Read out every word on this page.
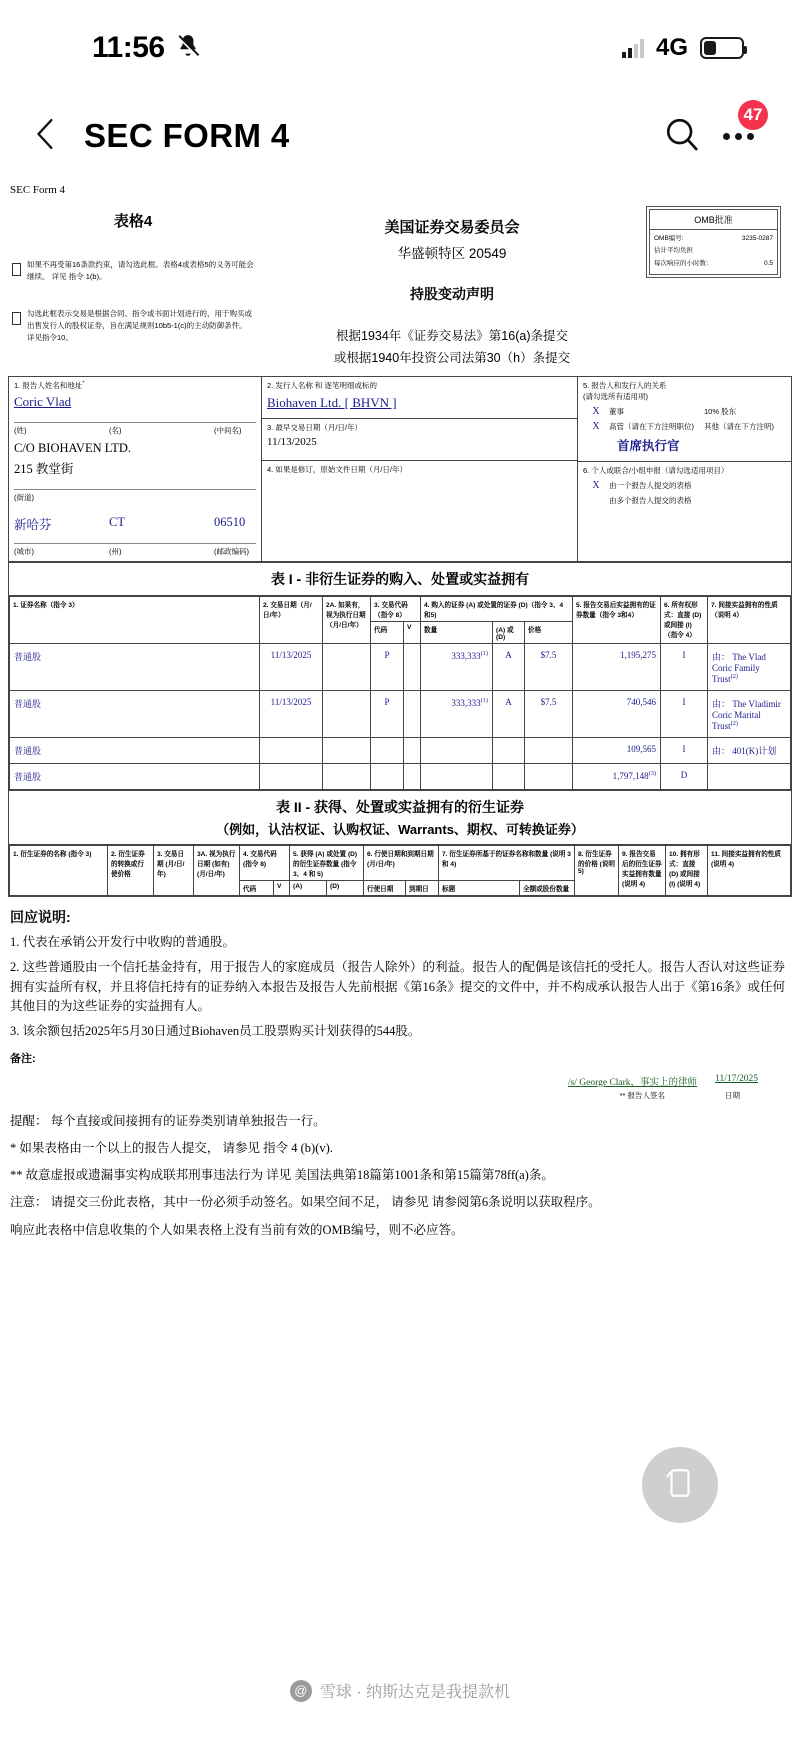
11:56	4G
SEC FORM 4
47
SEC Form 4
表格4
如果不再受第16条款约束，请勾选此框。表格4或表格5的义务可能会继续。 详见 指令 1(b)。
勾选此框表示交易是根据合同、指令或书面计划进行的，用于购买或出售发行人的股权证券，旨在满足规则10b5-1(c)的主动防御条件。详见指令10。
美国证券交易委员会
华盛顿特区 20549
持股变动声明
根据1934年《证券交易法》第16(a)条提交
或根据1940年投资公司法第30（h）条提交
OMB批准
OMB编号:	3235-0287
估计平均负担
每次响应的小时数：	0.5
1. 报告人姓名和地址*
Coric Vlad
(姓)	(名)	(中间名)
C/O BIOHAVEN LTD.
215 教堂街
(街道)
新哈芬	CT	06510
(城市)	(州)	(邮政编码)
2. 发行人名称 和 逐笔明细或标的
Biohaven Ltd. [ BHVN ]
3. 最早交易日期（月/日/年）
11/13/2025
4. 如果是修订，原始文件日期（月/日/年）
5. 报告人和发行人的关系
(请勾选所有适用项)
X	董事	10% 股东
X	高管（请在下方注明职位)	其他（请在下方注明)
首席执行官
6. 个人或联合/小组申报（请勾选适用项目）
X	由一个报告人提交的表格
由多个报告人提交的表格
表 I - 非衍生证券的购入、处置或实益拥有
1. 证券名称（指令 3）	2. 交易日期（月/日/年）	2A. 如果有，视为执行日期（月/日/年）	3. 交易代码（指令 8）		4. 购入的证券 (A) 或处置的证券 (D)（指令 3、4和5)			5. 报告交易后实益拥有的证券数量（指令 3和4）	6. 所有权形式：直接 (D) 或间接 (I)（指令 4）	7. 间接实益拥有的性质（说明 4）
			代码	V	数量	(A) 或 (D)	价格			
普通股	11/13/2025		P		333,333$^{(1)}$	A	$7.5	1,195,275	I	由： The Vlad Coric Family Trust$^{(2)}$
普通股	11/13/2025		P		333,333$^{(1)}$	A	$7.5	740,546	I	由： The Vladimir Coric Marital Trust$^{(2)}$
普通股								109,565	I	由： 401(K)计划
普通股								1,797,148$^{(3)}$	D	
表 II - 获得、处置或实益拥有的衍生证券
（例如，认沽权证、认购权证、Warrants、期权、可转换证券）
1. 衍生证券的名称 (指令 3)	2. 衍生证券的转换或行使价格	3. 交易日期 (月/日/年)	3A. 视为执行日期 (如有) (月/日/年)	4. 交易代码 (指令 8)		5. 获得 (A) 或处置 (D) 的衍生证券数量 (指令 3、4 和 5)		6. 行使日期和到期日期 (月/日/年)		7. 衍生证券所基于的证券名称和数量 (说明 3 和 4)		8. 衍生证券的价格 (说明 5)	9. 报告交易后的衍生证券实益拥有数量 (说明 4)	10. 拥有形式：直接 (D) 或间接 (I) (说明 4)	11. 间接实益拥有的性质 (说明 4)
				代码	V	(A)	(D)	行使日期	到期日	标题	全额或股份数量				
回应说明:
1. 代表在承销公开发行中收购的普通股。
2. 这些普通股由一个信托基金持有，用于报告人的家庭成员（报告人除外）的利益。报告人的配偶是该信托的受托人。报告人否认对这些证券拥有实益所有权，并且将信托持有的证券纳入本报告及报告人先前根据《第16条》提交的文件中，并不构成承认报告人出于《第16条》或任何其他目的为这些证券的实益拥有人。
3. 该余额包括2025年5月30日通过Biohaven员工股票购买计划获得的544股。
备注:
/s/ George Clark，事实上的律师 11/17/2025
** 报告人签名	日期
提醒： 每个直接或间接拥有的证券类别请单独报告一行。
* 如果表格由一个以上的报告人提交， 请参见 指令 4 (b)(v).
** 故意虚报或遗漏事实构成联邦刑事违法行为 详见 美国法典第18篇第1001条和第15篇第78ff(a)条。
注意： 请提交三份此表格，其中一份必须手动签名。如果空间不足， 请参见 请参阅第6条说明以获取程序。
响应此表格中信息收集的个人如果表格上没有当前有效的OMB编号，则不必应答。
@ 雪球 · 纳斯达克是我提款机
